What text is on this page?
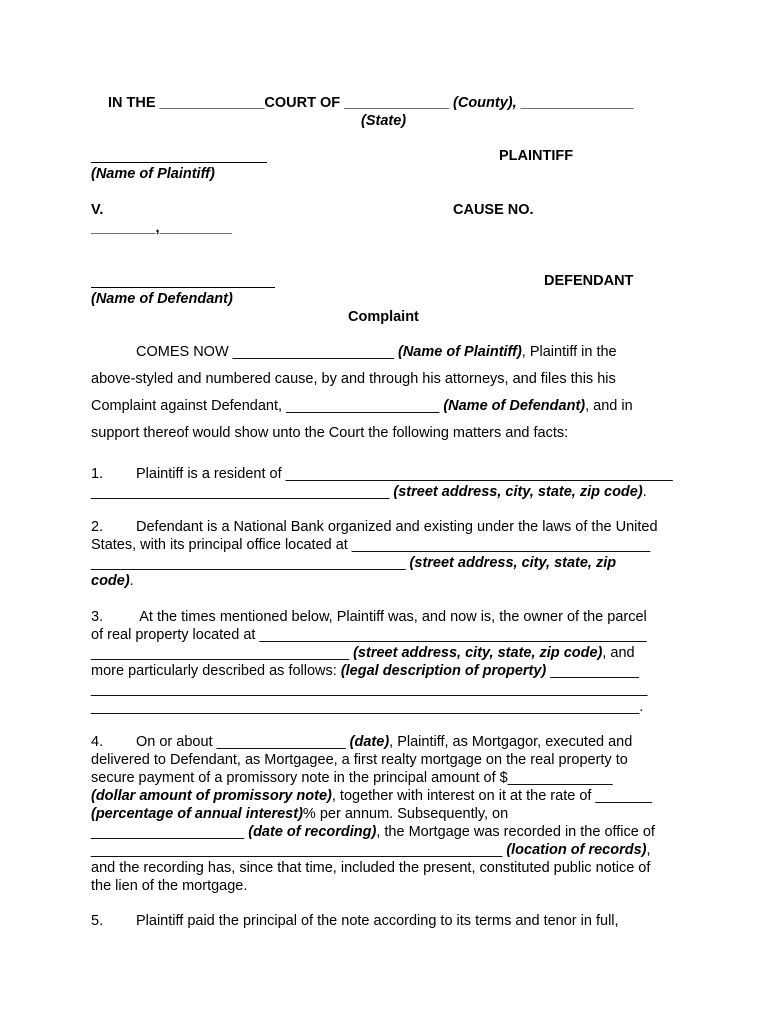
IN THE _____________COURT OF _____________ (County), ______________
(State)
PLAINTIFF
(Name of Plaintiff)
V.	CAUSE NO.
________,_________
DEFENDANT
(Name of Defendant)
Complaint
COMES NOW ____________________ (Name of Plaintiff), Plaintiff in the
above-styled and numbered cause, by and through his attorneys, and files this his
Complaint against Defendant, ___________________ (Name of Defendant), and in
support thereof would show unto the Court the following matters and facts:
1. Plaintiff is a resident of ________________________________________________
_____________________________________ (street address, city, state, zip code).
2. Defendant is a National Bank organized and existing under the laws of the United
States, with its principal office located at _____________________________________
_______________________________________ (street address, city, state, zip
code).
3. At the times mentioned below, Plaintiff was, and now is, the owner of the parcel
of real property located at ________________________________________________
________________________________ (street address, city, state, zip code), and
more particularly described as follows: (legal description of property) ___________
_____________________________________________________________________
____________________________________________________________________.
4. On or about ________________ (date), Plaintiff, as Mortgagor, executed and
delivered to Defendant, as Mortgagee, a first realty mortgage on the real property to
secure payment of a promissory note in the principal amount of $_____________
(dollar amount of promissory note), together with interest on it at the rate of _______
(percentage of annual interest)% per annum. Subsequently, on
___________________ (date of recording), the Mortgage was recorded in the office of
___________________________________________________ (location of records),
and the recording has, since that time, included the present, constituted public notice of
the lien of the mortgage.
5. Plaintiff paid the principal of the note according to its terms and tenor in full,
